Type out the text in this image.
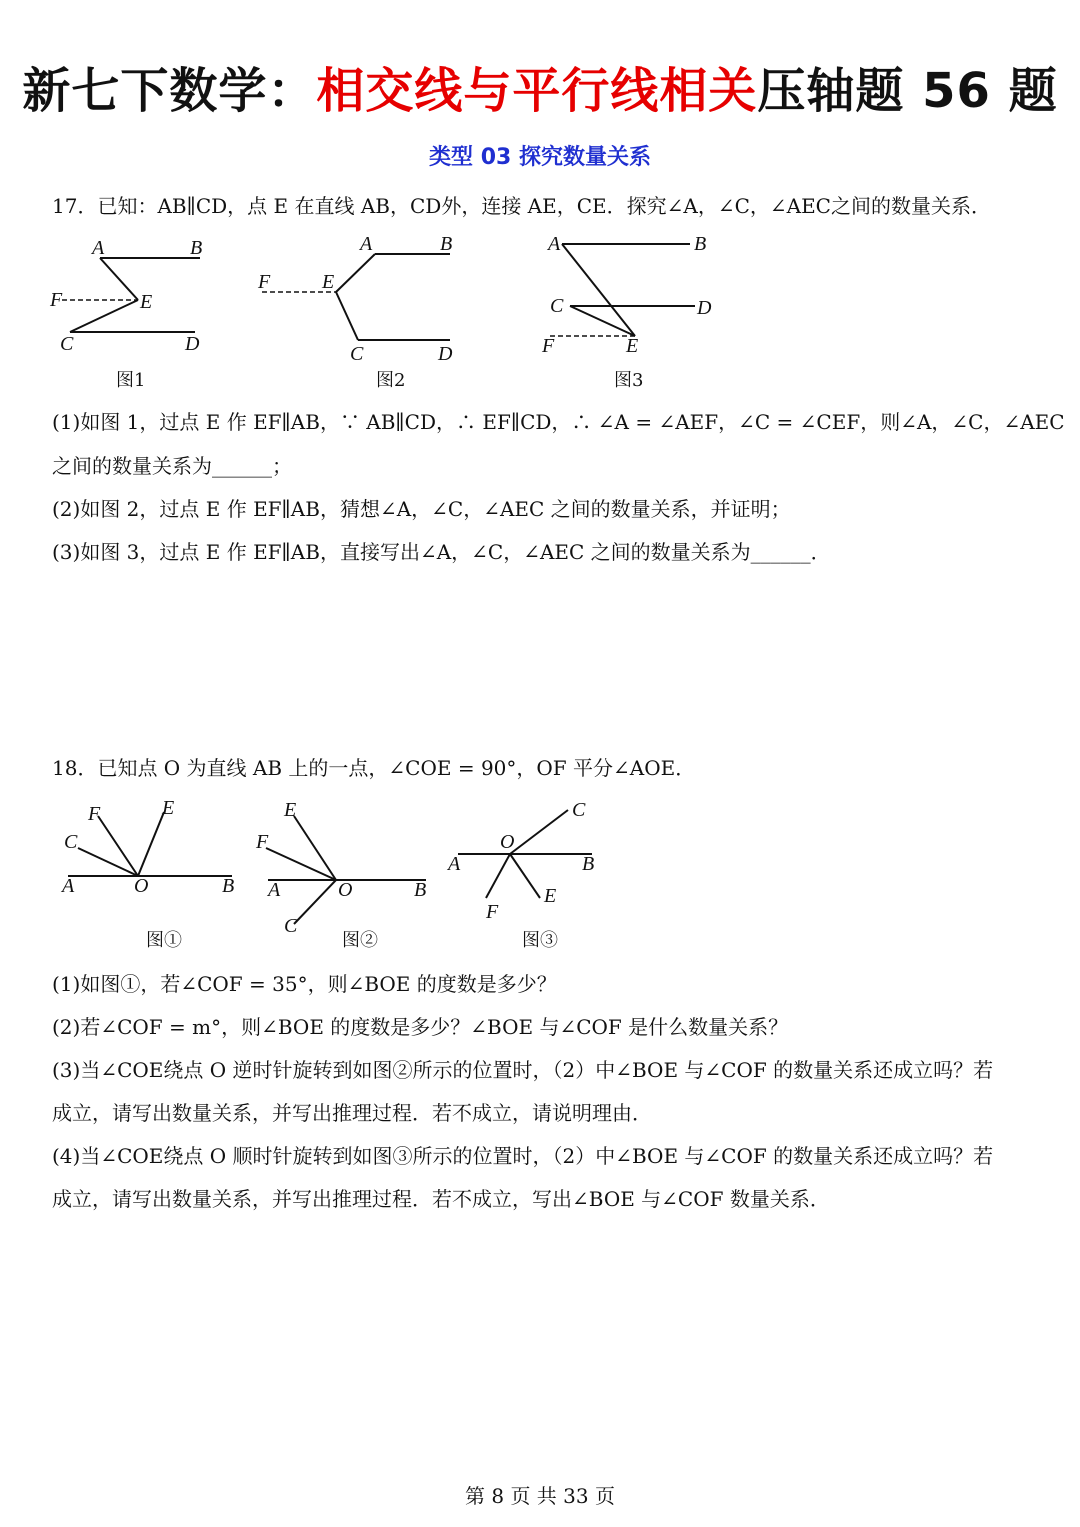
新七下数学：相交线与平行线相关压轴题 56 题
类型 03 探究数量关系
17．已知：AB∥CD，点 E 在直线 AB，CD外，连接 AE，CE．探究∠A，∠C，∠AEC之间的数量关系．
A	B
F	E
C	D
图1
A	B
F	E
C	D
图2
A	B
C	D
F	E
图3
(1)如图 1，过点 E 作 EF∥AB，∵ AB∥CD，∴ EF∥CD，∴ ∠A = ∠AEF，∠C = ∠CEF，则∠A，∠C，∠AEC
之间的数量关系为______；
(2)如图 2，过点 E 作 EF∥AB，猜想∠A，∠C，∠AEC 之间的数量关系，并证明；
(3)如图 3，过点 E 作 EF∥AB，直接写出∠A，∠C，∠AEC 之间的数量关系为______．
18．已知点 O 为直线 AB 上的一点，∠COE = 90°，OF 平分∠AOE．
A	O	B
F
C
E
图①
A	O	B
E
F
C
图②
A
O
B
C
E
F
图③
(1)如图①，若∠COF = 35°，则∠BOE 的度数是多少？
(2)若∠COF = m°，则∠BOE 的度数是多少？∠BOE 与∠COF 是什么数量关系？
(3)当∠COE绕点 O 逆时针旋转到如图②所示的位置时，（2）中∠BOE 与∠COF 的数量关系还成立吗？若
成立，请写出数量关系，并写出推理过程．若不成立，请说明理由．
(4)当∠COE绕点 O 顺时针旋转到如图③所示的位置时，（2）中∠BOE 与∠COF 的数量关系还成立吗？若
成立，请写出数量关系，并写出推理过程．若不成立，写出∠BOE 与∠COF 数量关系．
第 8 页 共 33 页
